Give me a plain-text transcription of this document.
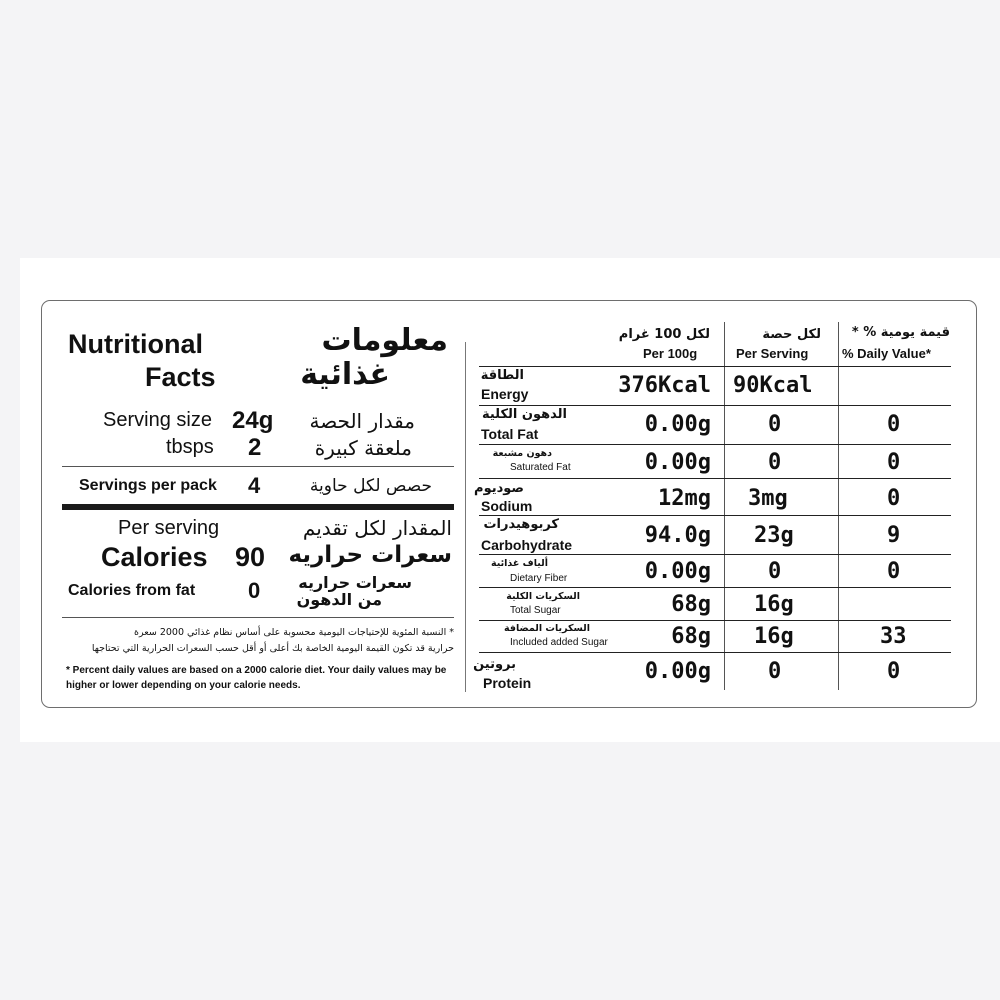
Nutritional
Facts
معلومات
غذائية
Serving size 24g مقدار الحصة
tbsps 2	ملعقة كبيرة
Servings per pack 4	حصص لكل حاوية
Per serving	المقدار لكل تقديم
Calories 90 سعرات حراريه
Calories from fat 0 سعرات حراريه
من الدهون
* النسبة المئوية للإحتياجات اليومية محسوبة على أساس نظام غذائي 2000 سعرة
حرارية قد تكون القيمة اليومية الخاصة بك أعلى أو أقل حسب السعرات الحرارية التي تحتاجها
* Percent daily values are based on a 2000 calorie diet. Your daily values may be
higher or lower depending on your calorie needs.
لكل 100 غرام
Per 100g
لكل حصة
Per Serving
قيمة يومية % *
% Daily Value*
الطاقة
Energy	376Kcal 90Kcal
الدهون الكلية
Total Fat	0.00g	0	0
دهون مشبعة
Saturated Fat	0.00g	0	0
صوديوم
Sodium	12mg 3mg	0
كربوهيدرات
Carbohydrate	94.0g 23g	9
ألياف غذائية
Dietary Fiber	0.00g	0	0
السكريات الكلية
Total Sugar	68g 16g
السكريات المضافة
Included added Sugar	68g 16g	33
بروتين
Protein	0.00g	0	0
